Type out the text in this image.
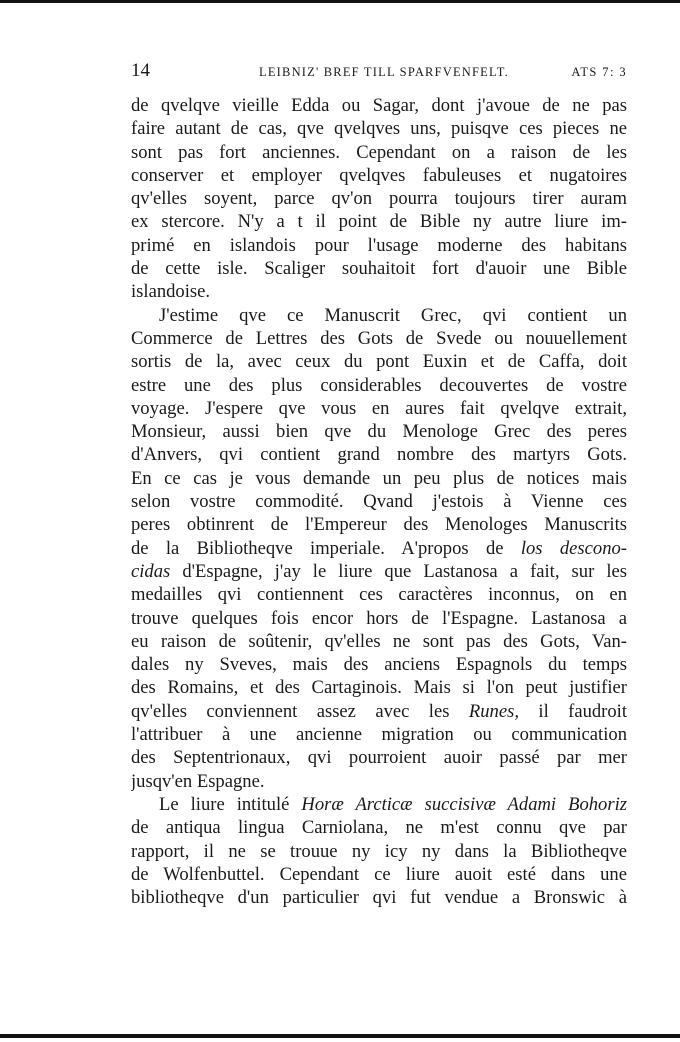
14	LEIBNIZ' BREF TILL SPARFVENFELT.	ATS 7: 3
de qvelqve vieille Edda ou Sagar, dont j'avoue de ne pas
faire autant de cas, qve qvelqves uns, puisqve ces pieces ne
sont pas fort anciennes. Cependant on a raison de les
conserver et employer qvelqves fabuleuses et nugatoires
qv'elles soyent, parce qv'on pourra toujours tirer auram
ex stercore. N'y a t il point de Bible ny autre liure im-
primé en islandois pour l'usage moderne des habitans
de cette isle. Scaliger souhaitoit fort d'auoir une Bible
islandoise.
J'estime qve ce Manuscrit Grec, qvi contient un
Commerce de Lettres des Gots de Svede ou nouuellement
sortis de la, avec ceux du pont Euxin et de Caffa, doit
estre une des plus considerables decouvertes de vostre
voyage. J'espere qve vous en aures fait qvelqve extrait,
Monsieur, aussi bien qve du Menologe Grec des peres
d'Anvers, qvi contient grand nombre des martyrs Gots.
En ce cas je vous demande un peu plus de notices mais
selon vostre commodité. Qvand j'estois à Vienne ces
peres obtinrent de l'Empereur des Menologes Manuscrits
de la Bibliotheqve imperiale. A'propos de los descono-
cidas d'Espagne, j'ay le liure que Lastanosa a fait, sur les
medailles qvi contiennent ces caractères inconnus, on en
trouve quelques fois encor hors de l'Espagne. Lastanosa a
eu raison de soûtenir, qv'elles ne sont pas des Gots, Van-
dales ny Sveves, mais des anciens Espagnols du temps
des Romains, et des Cartaginois. Mais si l'on peut justifier
qv'elles conviennent assez avec les Runes, il faudroit
l'attribuer à une ancienne migration ou communication
des Septentrionaux, qvi pourroient auoir passé par mer
jusqv'en Espagne.
Le liure intitulé Horæ Arcticæ succisivæ Adami Bohoriz
de antiqua lingua Carniolana, ne m'est connu qve par
rapport, il ne se trouue ny icy ny dans la Bibliotheqve
de Wolfenbuttel. Cependant ce liure auoit esté dans une
bibliotheqve d'un particulier qvi fut vendue a Bronswic à
